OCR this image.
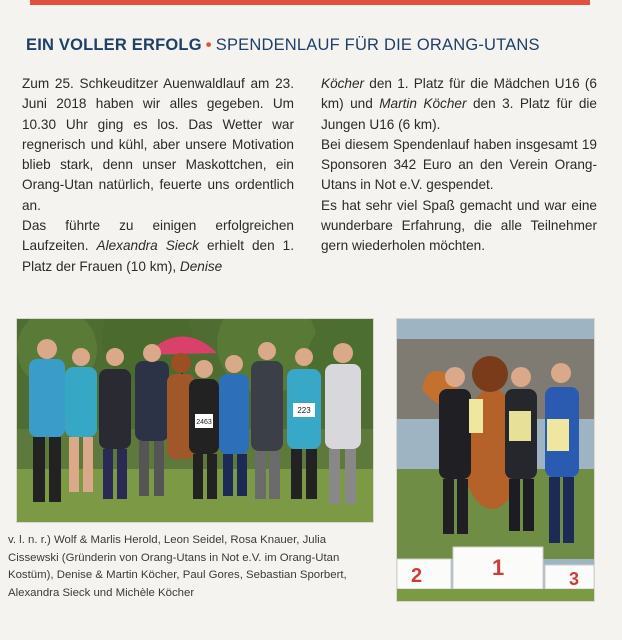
EIN VOLLER ERFOLG • SPENDENLAUF FÜR DIE ORANG-UTANS

Zum 25. Schkeuditzer Auenwaldlauf am 23. Juni 2018 haben wir alles gegeben. Um 10.30 Uhr ging es los. Das Wetter war regnerisch und kühl, aber unsere Motivation blieb stark, denn unser Maskottchen, ein Orang-Utan natürlich, feuerte uns ordentlich an.

Das führte zu einigen erfolgreichen Laufzeiten. Alexandra Sieck erhielt den 1. Platz der Frauen (10 km), Denise

Köcher den 1. Platz für die Mädchen U16 (6 km) und Martin Köcher den 3. Platz für die Jungen U16 (6 km).

Bei diesem Spendenlauf haben insgesamt 19 Sponsoren 342 Euro an den Verein Orang-Utans in Not e.V. gespendet.

Es hat sehr viel Spaß gemacht und war eine wunderbare Erfahrung, die alle Teilnehmer gern wiederholen möchten.

2463
223
2	1	3

v. l. n. r.) Wolf & Marlis Herold, Leon Seidel, Rosa Knauer, Julia Cissewski (Gründerin von Orang-Utans in Not e.V. im Orang-Utan Kostüm), Denise & Martin Köcher, Paul Gores, Sebastian Sporbert, Alexandra Sieck und Michèle Köcher
